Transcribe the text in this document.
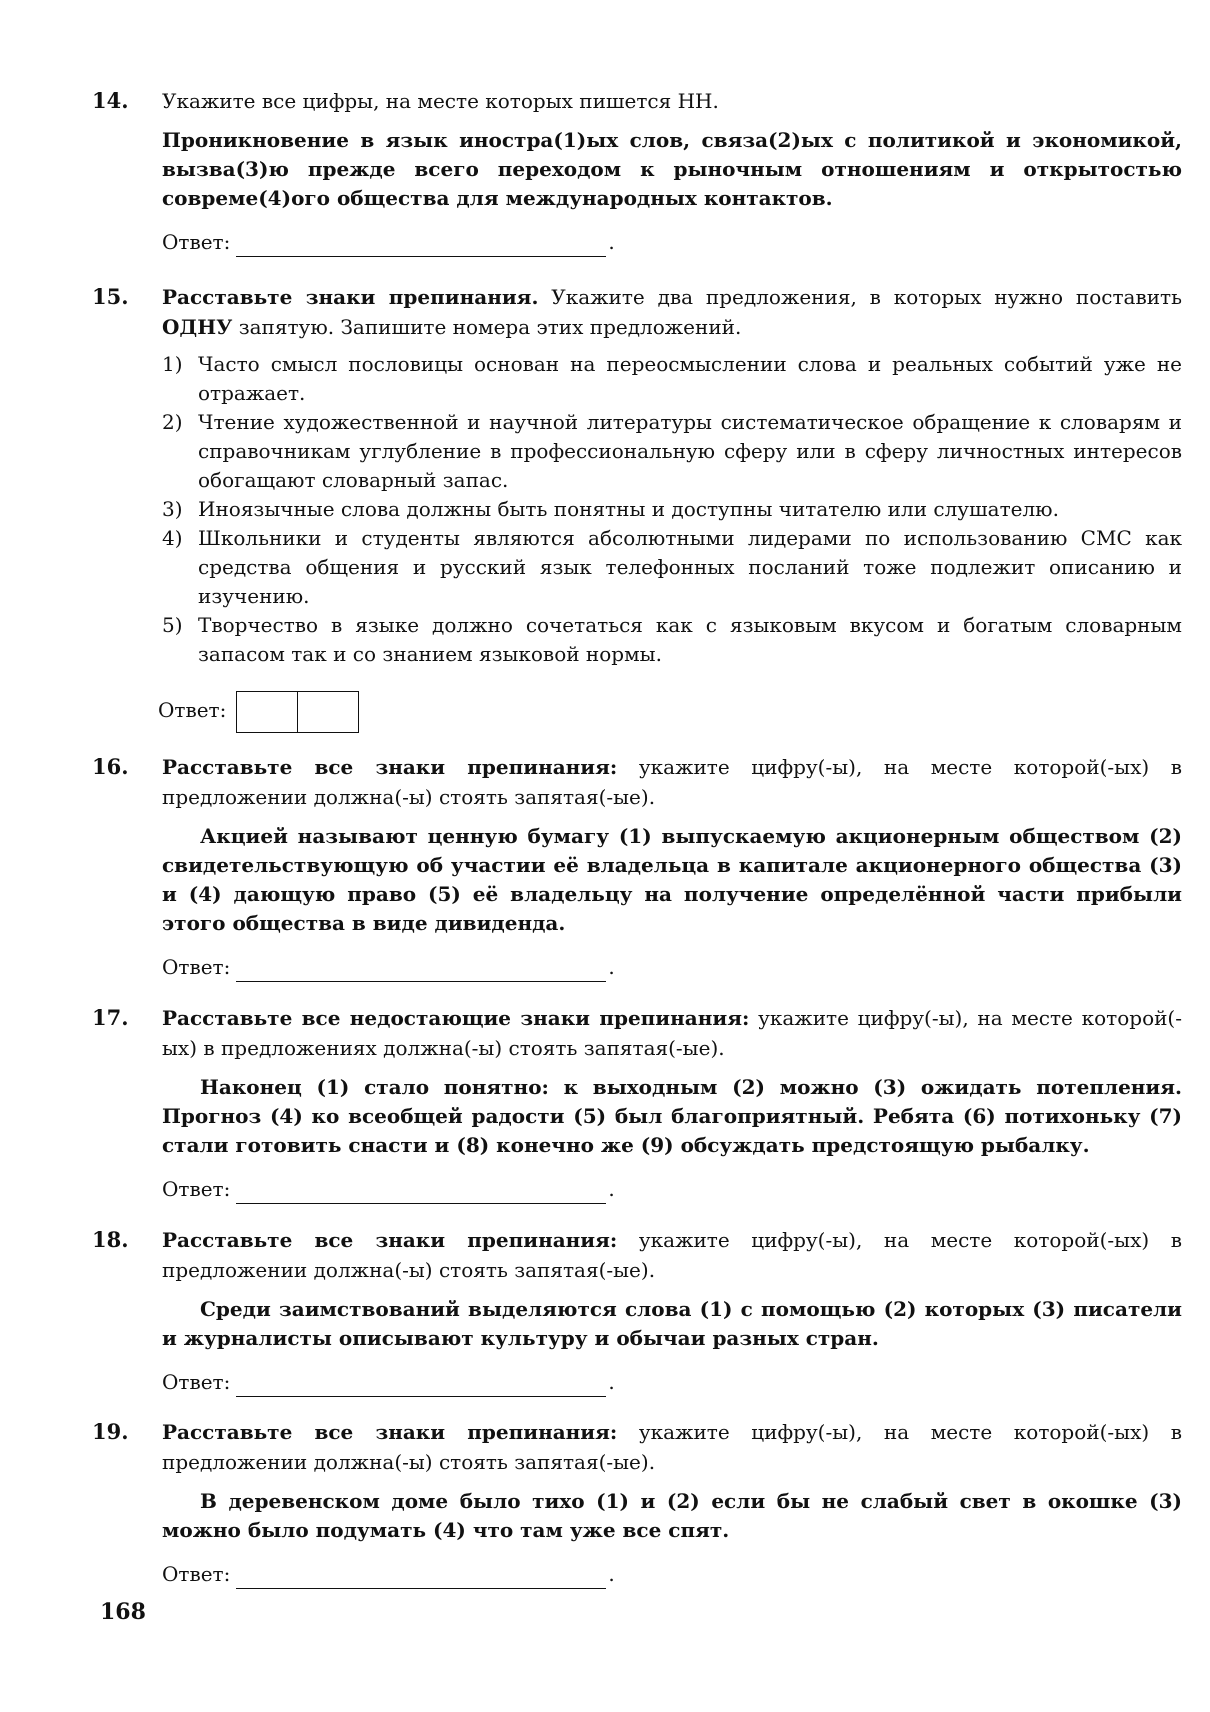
14.	Укажите все цифры, на месте которых пишется НН.

Проникновение в язык иностра(1)ых слов, связа(2)ых с политикой и экономикой, вызва(3)ю прежде всего переходом к рыночным отношениям и открытостью совреме(4)ого общества для международных контактов.

Ответ:	.
15.	Расставьте знаки препинания. Укажите два предложения, в которых нужно поставить ОДНУ запятую. Запишите номера этих предложений.

1) Часто смысл пословицы основан на переосмыслении слова и реальных событий уже не отражает.
2) Чтение художественной и научной литературы систематическое обращение к словарям и справочникам углубление в профессиональную сферу или в сферу личностных интересов обогащают словарный запас.
3) Иноязычные слова должны быть понятны и доступны читателю или слушателю.
4) Школьники и студенты являются абсолютными лидерами по использованию СМС как средства общения и русский язык телефонных посланий тоже подлежит описанию и изучению.
5) Творчество в языке должно сочетаться как с языковым вкусом и богатым словарным запасом так и со знанием языковой нормы.
Ответ:
16.	Расставьте все знаки препинания: укажите цифру(-ы), на месте которой(-ых) в предложении должна(-ы) стоять запятая(-ые).

Акцией называют ценную бумагу (1) выпускаемую акционерным обществом (2) свидетельствующую об участии её владельца в капитале акционерного общества (3) и (4) дающую право (5) её владельцу на получение определённой части прибыли этого общества в виде дивиденда.

Ответ:	.
17.	Расставьте все недостающие знаки препинания: укажите цифру(-ы), на месте которой(-ых) в предложениях должна(-ы) стоять запятая(-ые).

Наконец (1) стало понятно: к выходным (2) можно (3) ожидать потепления. Прогноз (4) ко всеобщей радости (5) был благоприятный. Ребята (6) потихоньку (7) стали готовить снасти и (8) конечно же (9) обсуждать предстоящую рыбалку.

Ответ:	.
18.	Расставьте все знаки препинания: укажите цифру(-ы), на месте которой(-ых) в предложении должна(-ы) стоять запятая(-ые).

Среди заимствований выделяются слова (1) с помощью (2) которых (3) писатели и журналисты описывают культуру и обычаи разных стран.

Ответ:	.
19.	Расставьте все знаки препинания: укажите цифру(-ы), на месте которой(-ых) в предложении должна(-ы) стоять запятая(-ые).

В деревенском доме было тихо (1) и (2) если бы не слабый свет в окошке (3) можно было подумать (4) что там уже все спят.

Ответ:	.
168
